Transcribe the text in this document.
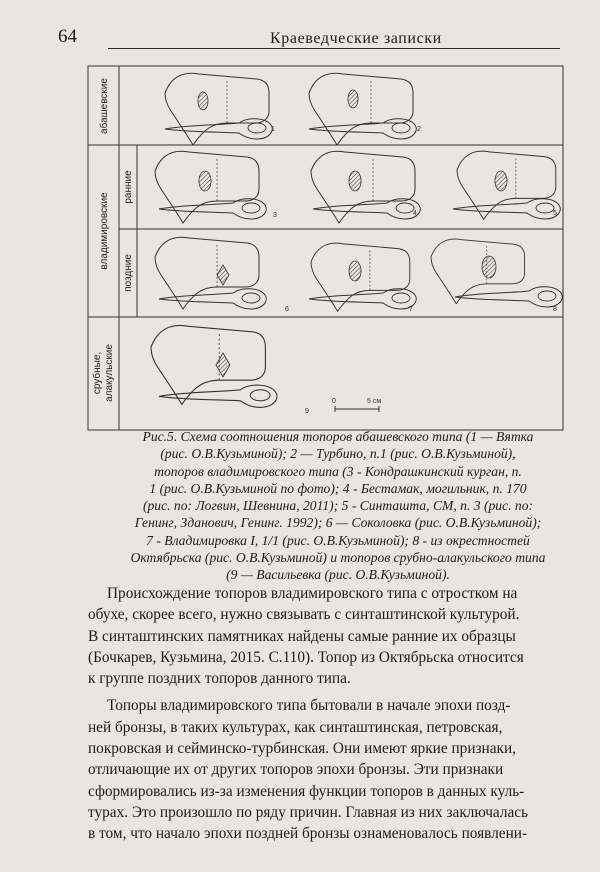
64	Краеведческие записки
абашевские
владимировские
ранние
поздние
срубные, алакульские
1	2
3	4	5
6	7	8
9
0	5 см
Рис.5. Схема соотношения топоров абашевского типа (1 — Вятка
(рис. О.В.Кузьминой); 2 — Турбино, п.1 (рис. О.В.Кузьминой),
топоров владимировского типа (3 - Кондрашкинский курган, п.
1 (рис. О.В.Кузьминой по фото); 4 - Бестамак, могильник, п. 170
(рис. по: Логвин, Шевнина, 2011); 5 - Синташта, СМ, п. 3 (рис. по:
Генинг, Зданович, Генинг. 1992); 6 — Соколовка (рис. О.В.Кузьминой);
7 - Владимировка I, 1/1 (рис. О.В.Кузьминой); 8 - из окрестностей
Октябрьска (рис. О.В.Кузьминой) и топоров срубно-алакульского типа
(9 — Васильевка (рис. О.В.Кузьминой).
Происхождение топоров владимировского типа с отростком на
обухе, скорее всего, нужно связывать с синташтинской культурой.
В синташтинских памятниках найдены самые ранние их образцы
(Бочкарев, Кузьмина, 2015. С.110). Топор из Октябрьска относится
к группе поздних топоров данного типа.
Топоры владимировского типа бытовали в начале эпохи позд-
ней бронзы, в таких культурах, как синташтинская, петровская,
покровская и сейминско-турбинская. Они имеют яркие признаки,
отличающие их от других топоров эпохи бронзы. Эти признаки
сформировались из-за изменения функции топоров в данных куль-
турах. Это произошло по ряду причин. Главная из них заключалась
в том, что начало эпохи поздней бронзы ознаменовалось появлени-
